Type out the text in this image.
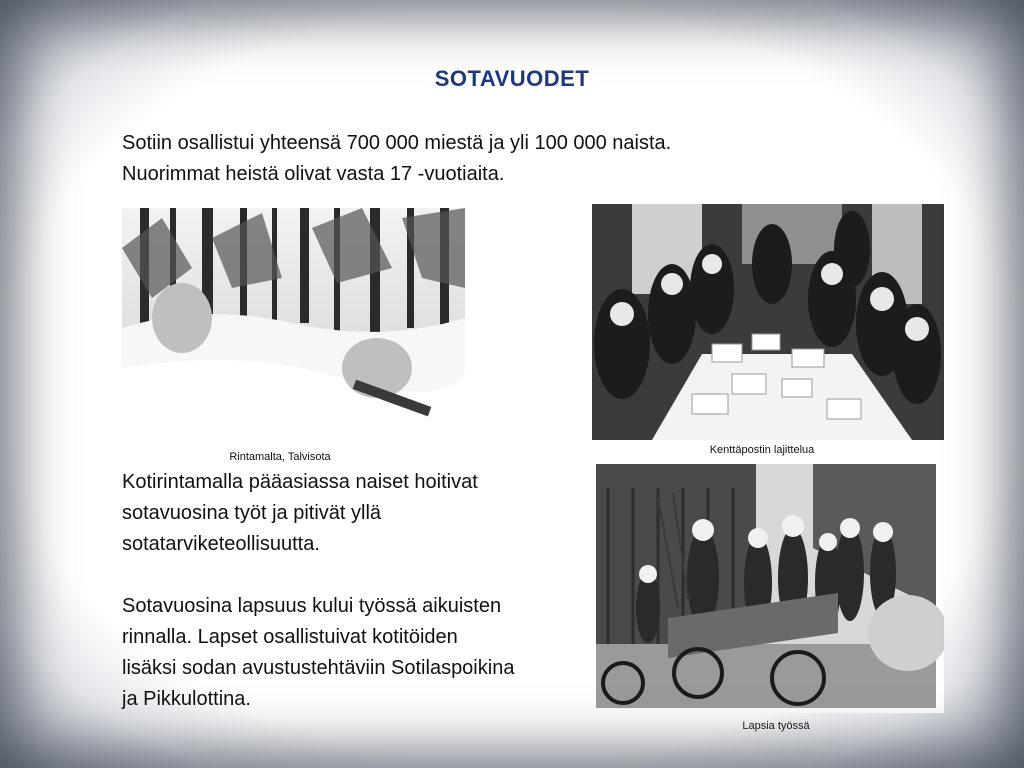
SOTAVUODET
Sotiin osallistui yhteensä 700 000 miestä ja yli 100 000 naista.
Nuorimmat heistä olivat vasta 17 -vuotiaita.
Rintamalta, Talvisota
Kenttäpostin lajittelua
Kotirintamalla pääasiassa naiset hoitivat
sotavuosina työt ja pitivät yllä
sotatarviketeollisuutta.
Sotavuosina lapsuus kului työssä aikuisten
rinnalla. Lapset osallistuivat kotitöiden
lisäksi sodan avustustehtäviin Sotilaspoikina
ja Pikkulottina.
Lapsia työssä
